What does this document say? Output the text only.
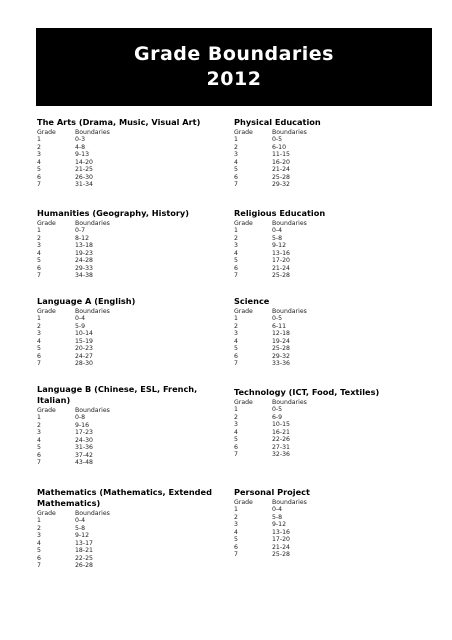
Grade Boundaries
2012
The Arts (Drama, Music, Visual Art)
Grade	Boundaries
1	0-3
2	4-8
3	9-13
4	14-20
5	21-25
6	26-30
7	31-34
Humanities (Geography, History)
Grade	Boundaries
1	0-7
2	8-12
3	13-18
4	19-23
5	24-28
6	29-33
7	34-38
Language A (English)
Grade	Boundaries
1	0-4
2	5-9
3	10-14
4	15-19
5	20-23
6	24-27
7	28-30
Language B (Chinese, ESL, French, Italian)
Grade	Boundaries
1	0-8
2	9-16
3	17-23
4	24-30
5	31-36
6	37-42
7	43-48
Mathematics (Mathematics, Extended Mathematics)
Grade	Boundaries
1	0-4
2	5-8
3	9-12
4	13-17
5	18-21
6	22-25
7	26-28
Physical Education
Grade	Boundaries
1	0-5
2	6-10
3	11-15
4	16-20
5	21-24
6	25-28
7	29-32
Religious Education
Grade	Boundaries
1	0-4
2	5-8
3	9-12
4	13-16
5	17-20
6	21-24
7	25-28
Science
Grade	Boundaries
1	0-5
2	6-11
3	12-18
4	19-24
5	25-28
6	29-32
7	33-36
Technology (ICT, Food, Textiles)
Grade	Boundaries
1	0-5
2	6-9
3	10-15
4	16-21
5	22-26
6	27-31
7	32-36
Personal Project
Grade	Boundaries
1	0-4
2	5-8
3	9-12
4	13-16
5	17-20
6	21-24
7	25-28
